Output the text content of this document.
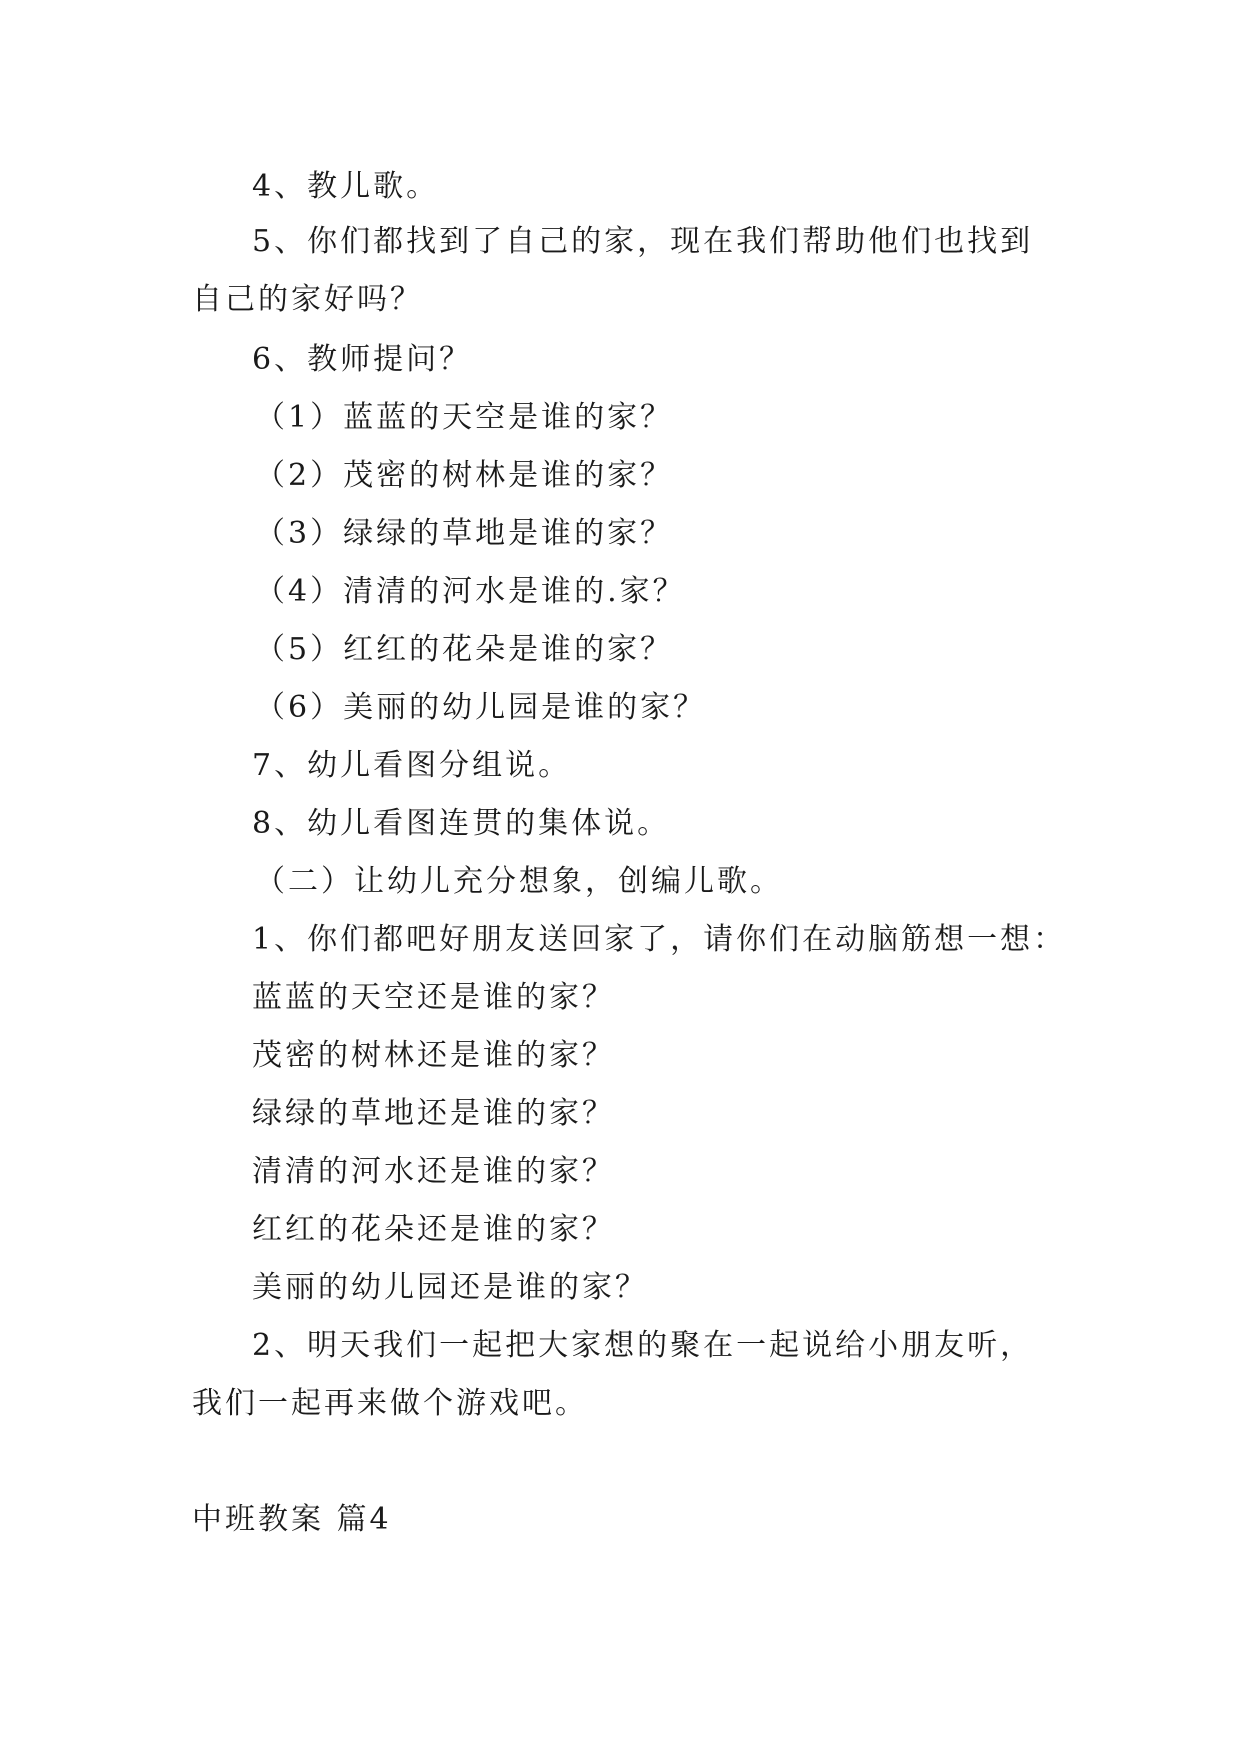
4、教儿歌。
5、你们都找到了自己的家，现在我们帮助他们也找到
自己的家好吗？
6、教师提问？
（1）蓝蓝的天空是谁的家？
（2）茂密的树林是谁的家？
（3）绿绿的草地是谁的家？
（4）清清的河水是谁的.家？
（5）红红的花朵是谁的家？
（6）美丽的幼儿园是谁的家？
7、幼儿看图分组说。
8、幼儿看图连贯的集体说。
（二）让幼儿充分想象，创编儿歌。
1、你们都吧好朋友送回家了，请你们在动脑筋想一想：
蓝蓝的天空还是谁的家？
茂密的树林还是谁的家？
绿绿的草地还是谁的家？
清清的河水还是谁的家？
红红的花朵还是谁的家？
美丽的幼儿园还是谁的家？
2、明天我们一起把大家想的聚在一起说给小朋友听，
我们一起再来做个游戏吧。
中班教案 篇4
